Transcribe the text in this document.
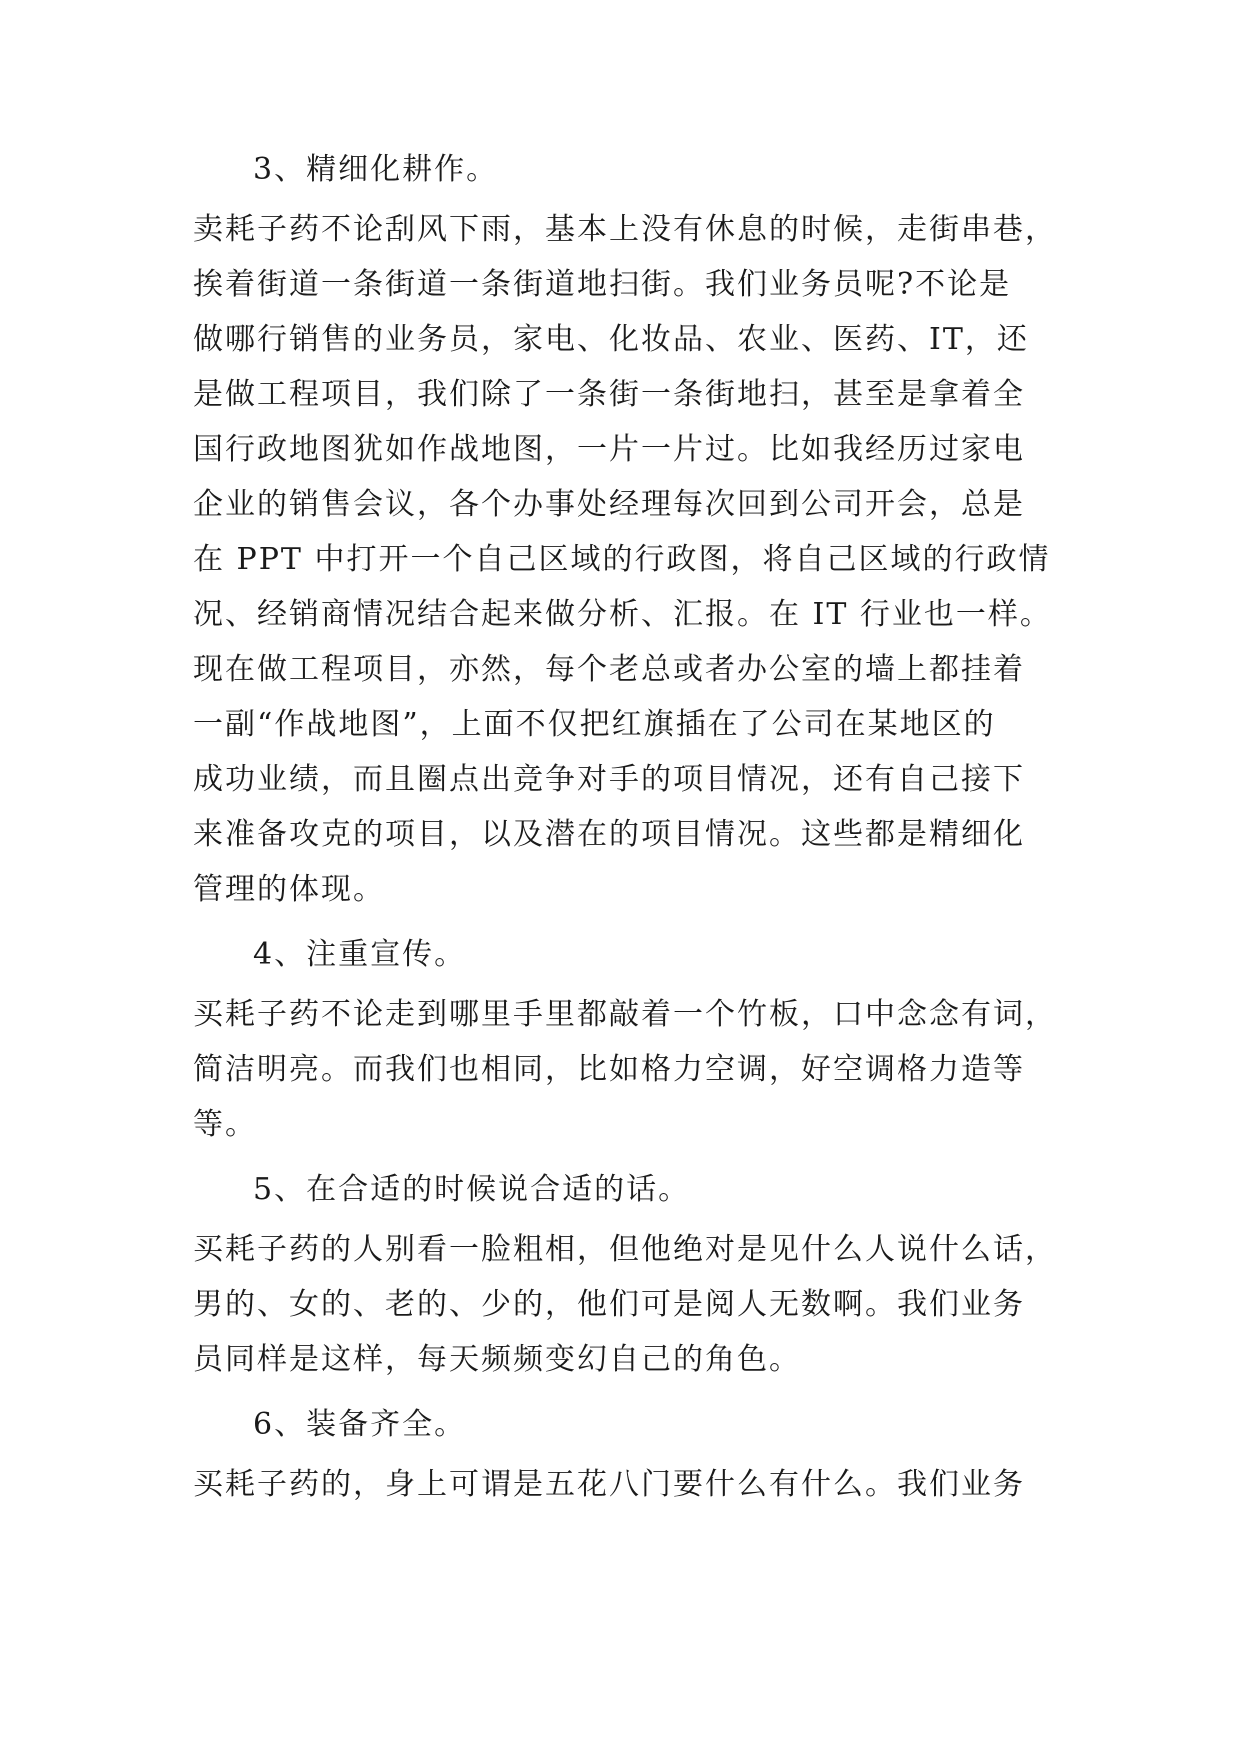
3、精细化耕作。
卖耗子药不论刮风下雨，基本上没有休息的时候，走街串巷，
挨着街道一条街道一条街道地扫街。我们业务员呢?不论是
做哪行销售的业务员，家电、化妆品、农业、医药、IT，还
是做工程项目，我们除了一条街一条街地扫，甚至是拿着全
国行政地图犹如作战地图，一片一片过。比如我经历过家电
企业的销售会议，各个办事处经理每次回到公司开会，总是
在 PPT 中打开一个自己区域的行政图，将自己区域的行政情
况、经销商情况结合起来做分析、汇报。在 IT 行业也一样。
现在做工程项目，亦然，每个老总或者办公室的墙上都挂着
一副“作战地图”，上面不仅把红旗插在了公司在某地区的
成功业绩，而且圈点出竞争对手的项目情况，还有自己接下
来准备攻克的项目，以及潜在的项目情况。这些都是精细化
管理的体现。
4、注重宣传。
买耗子药不论走到哪里手里都敲着一个竹板，口中念念有词，
简洁明亮。而我们也相同，比如格力空调，好空调格力造等
等。
5、在合适的时候说合适的话。
买耗子药的人别看一脸粗相，但他绝对是见什么人说什么话，
男的、女的、老的、少的，他们可是阅人无数啊。我们业务
员同样是这样，每天频频变幻自己的角色。
6、装备齐全。
买耗子药的，身上可谓是五花八门要什么有什么。我们业务
